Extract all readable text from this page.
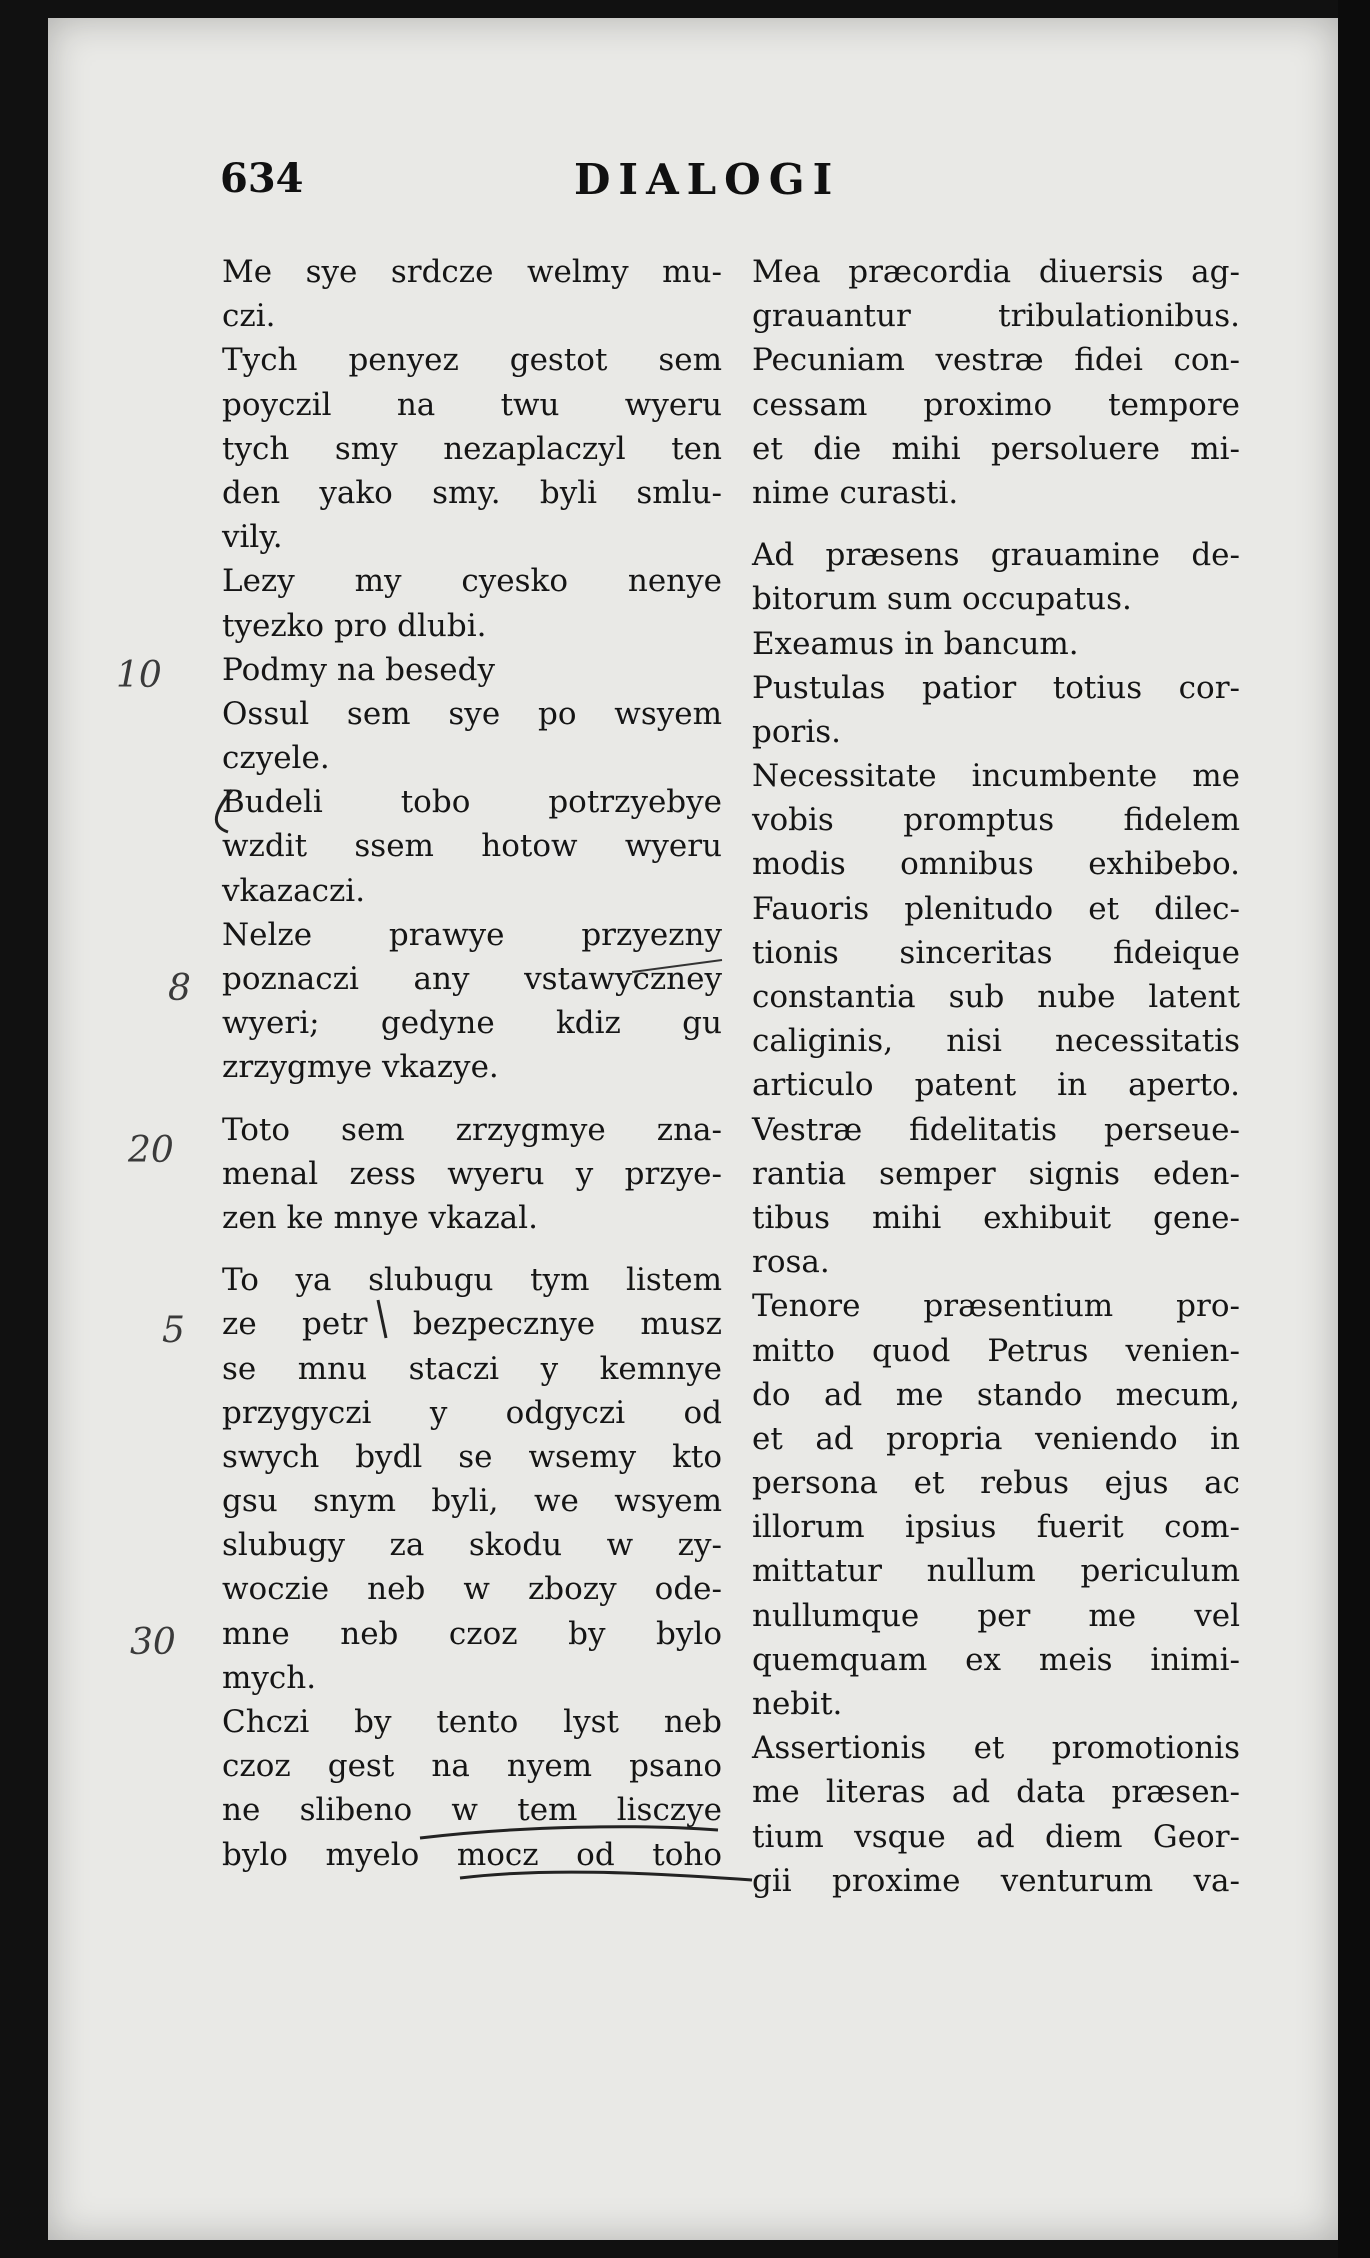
634	DIALOGI
Me sye srdcze welmy mu-
czi.
Tych penyez gestot sem
poyczil na twu wyeru
tych smy nezaplaczyl ten
den yako smy. byli smlu-
vily.
Lezy my cyesko nenye
tyezko pro dlubi.
Podmy na besedy
Ossul sem sye po wsyem
czyele.
Budeli tobo potrzyebye
wzdit ssem hotow wyeru
vkazaczi.
Nelze prawye przyezny
poznaczi any vstawyczney
wyeri; gedyne kdiz gu
zrzygmye vkazye.
Toto sem zrzygmye zna-
menal zess wyeru y przye-
zen ke mnye vkazal.
To ya slubugu tym listem
ze petr bezpecznye musz
se mnu staczi y kemnye
przygyczi y odgyczi od
swych bydl se wsemy kto
gsu snym byli, we wsyem
slubugy za skodu w zy-
woczie neb w zbozy ode-
mne neb czoz by bylo
mych.
Chczi by tento lyst neb
czoz gest na nyem psano
ne slibeno w tem lisczye
bylo myelo mocz od toho
Mea præcordia diuersis ag-
grauantur tribulationibus.
Pecuniam vestræ fidei con-
cessam proximo tempore
et die mihi persoluere mi-
nime curasti.
Ad præsens grauamine de-
bitorum sum occupatus.
Exeamus in bancum.
Pustulas patior totius cor-
poris.
Necessitate incumbente me
vobis promptus fidelem
modis omnibus exhibebo.
Fauoris plenitudo et dilec-
tionis sinceritas fideique
constantia sub nube latent
caliginis, nisi necessitatis
articulo patent in aperto.
Vestræ fidelitatis perseue-
rantia semper signis eden-
tibus mihi exhibuit gene-
rosa.
Tenore præsentium pro-
mitto quod Petrus venien-
do ad me stando mecum,
et ad propria veniendo in
persona et rebus ejus ac
illorum ipsius fuerit com-
mittatur nullum periculum
nullumque per me vel
quemquam ex meis inimi-
nebit.
Assertionis et promotionis
me literas ad data præsen-
tium vsque ad diem Geor-
gii proxime venturum va-
10
8
20
5
30
